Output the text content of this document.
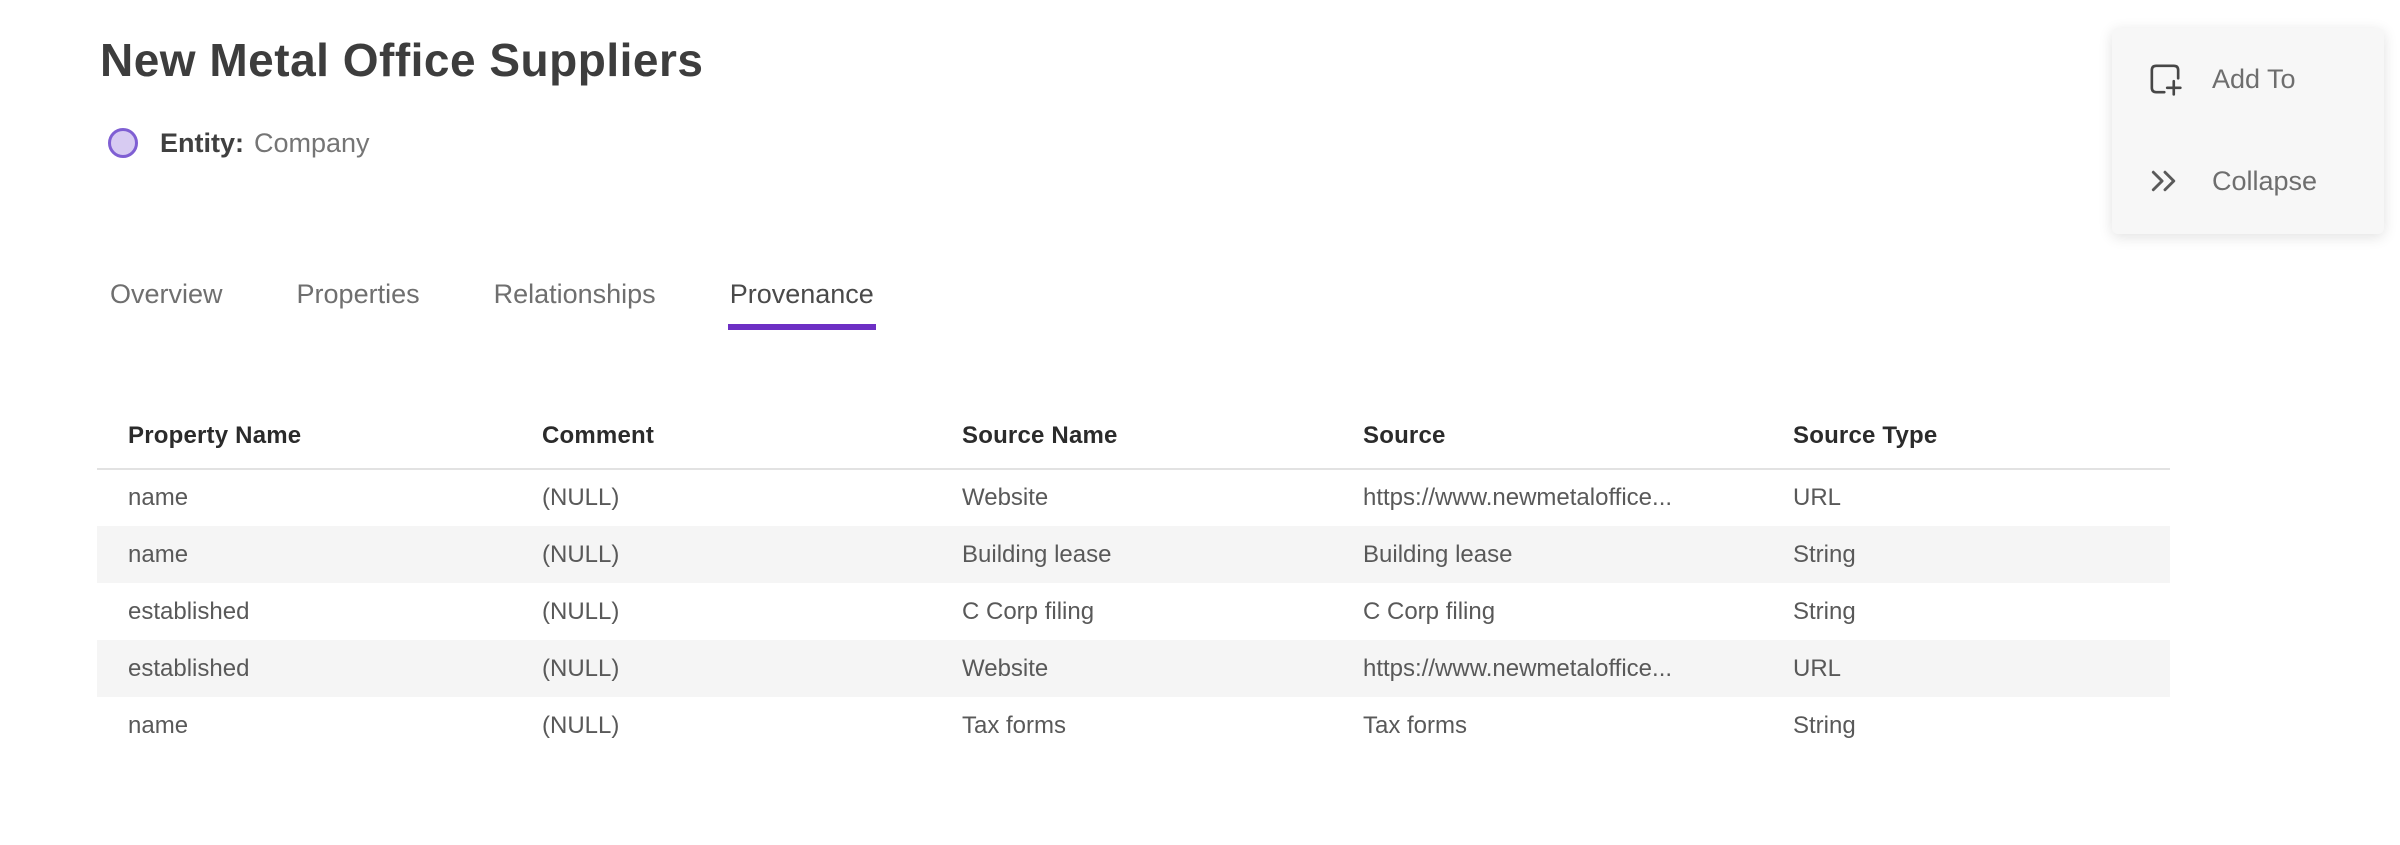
New Metal Office Suppliers
Entity: Company
Overview	Properties	Relationships	Provenance
Property Name	Comment	Source Name	Source	Source Type
name	(NULL)	Website	https://www.newmetaloffice...	URL
name	(NULL)	Building lease	Building lease	String
established	(NULL)	C Corp filing	C Corp filing	String
established	(NULL)	Website	https://www.newmetaloffice...	URL
name	(NULL)	Tax forms	Tax forms	String
Add To
Collapse
